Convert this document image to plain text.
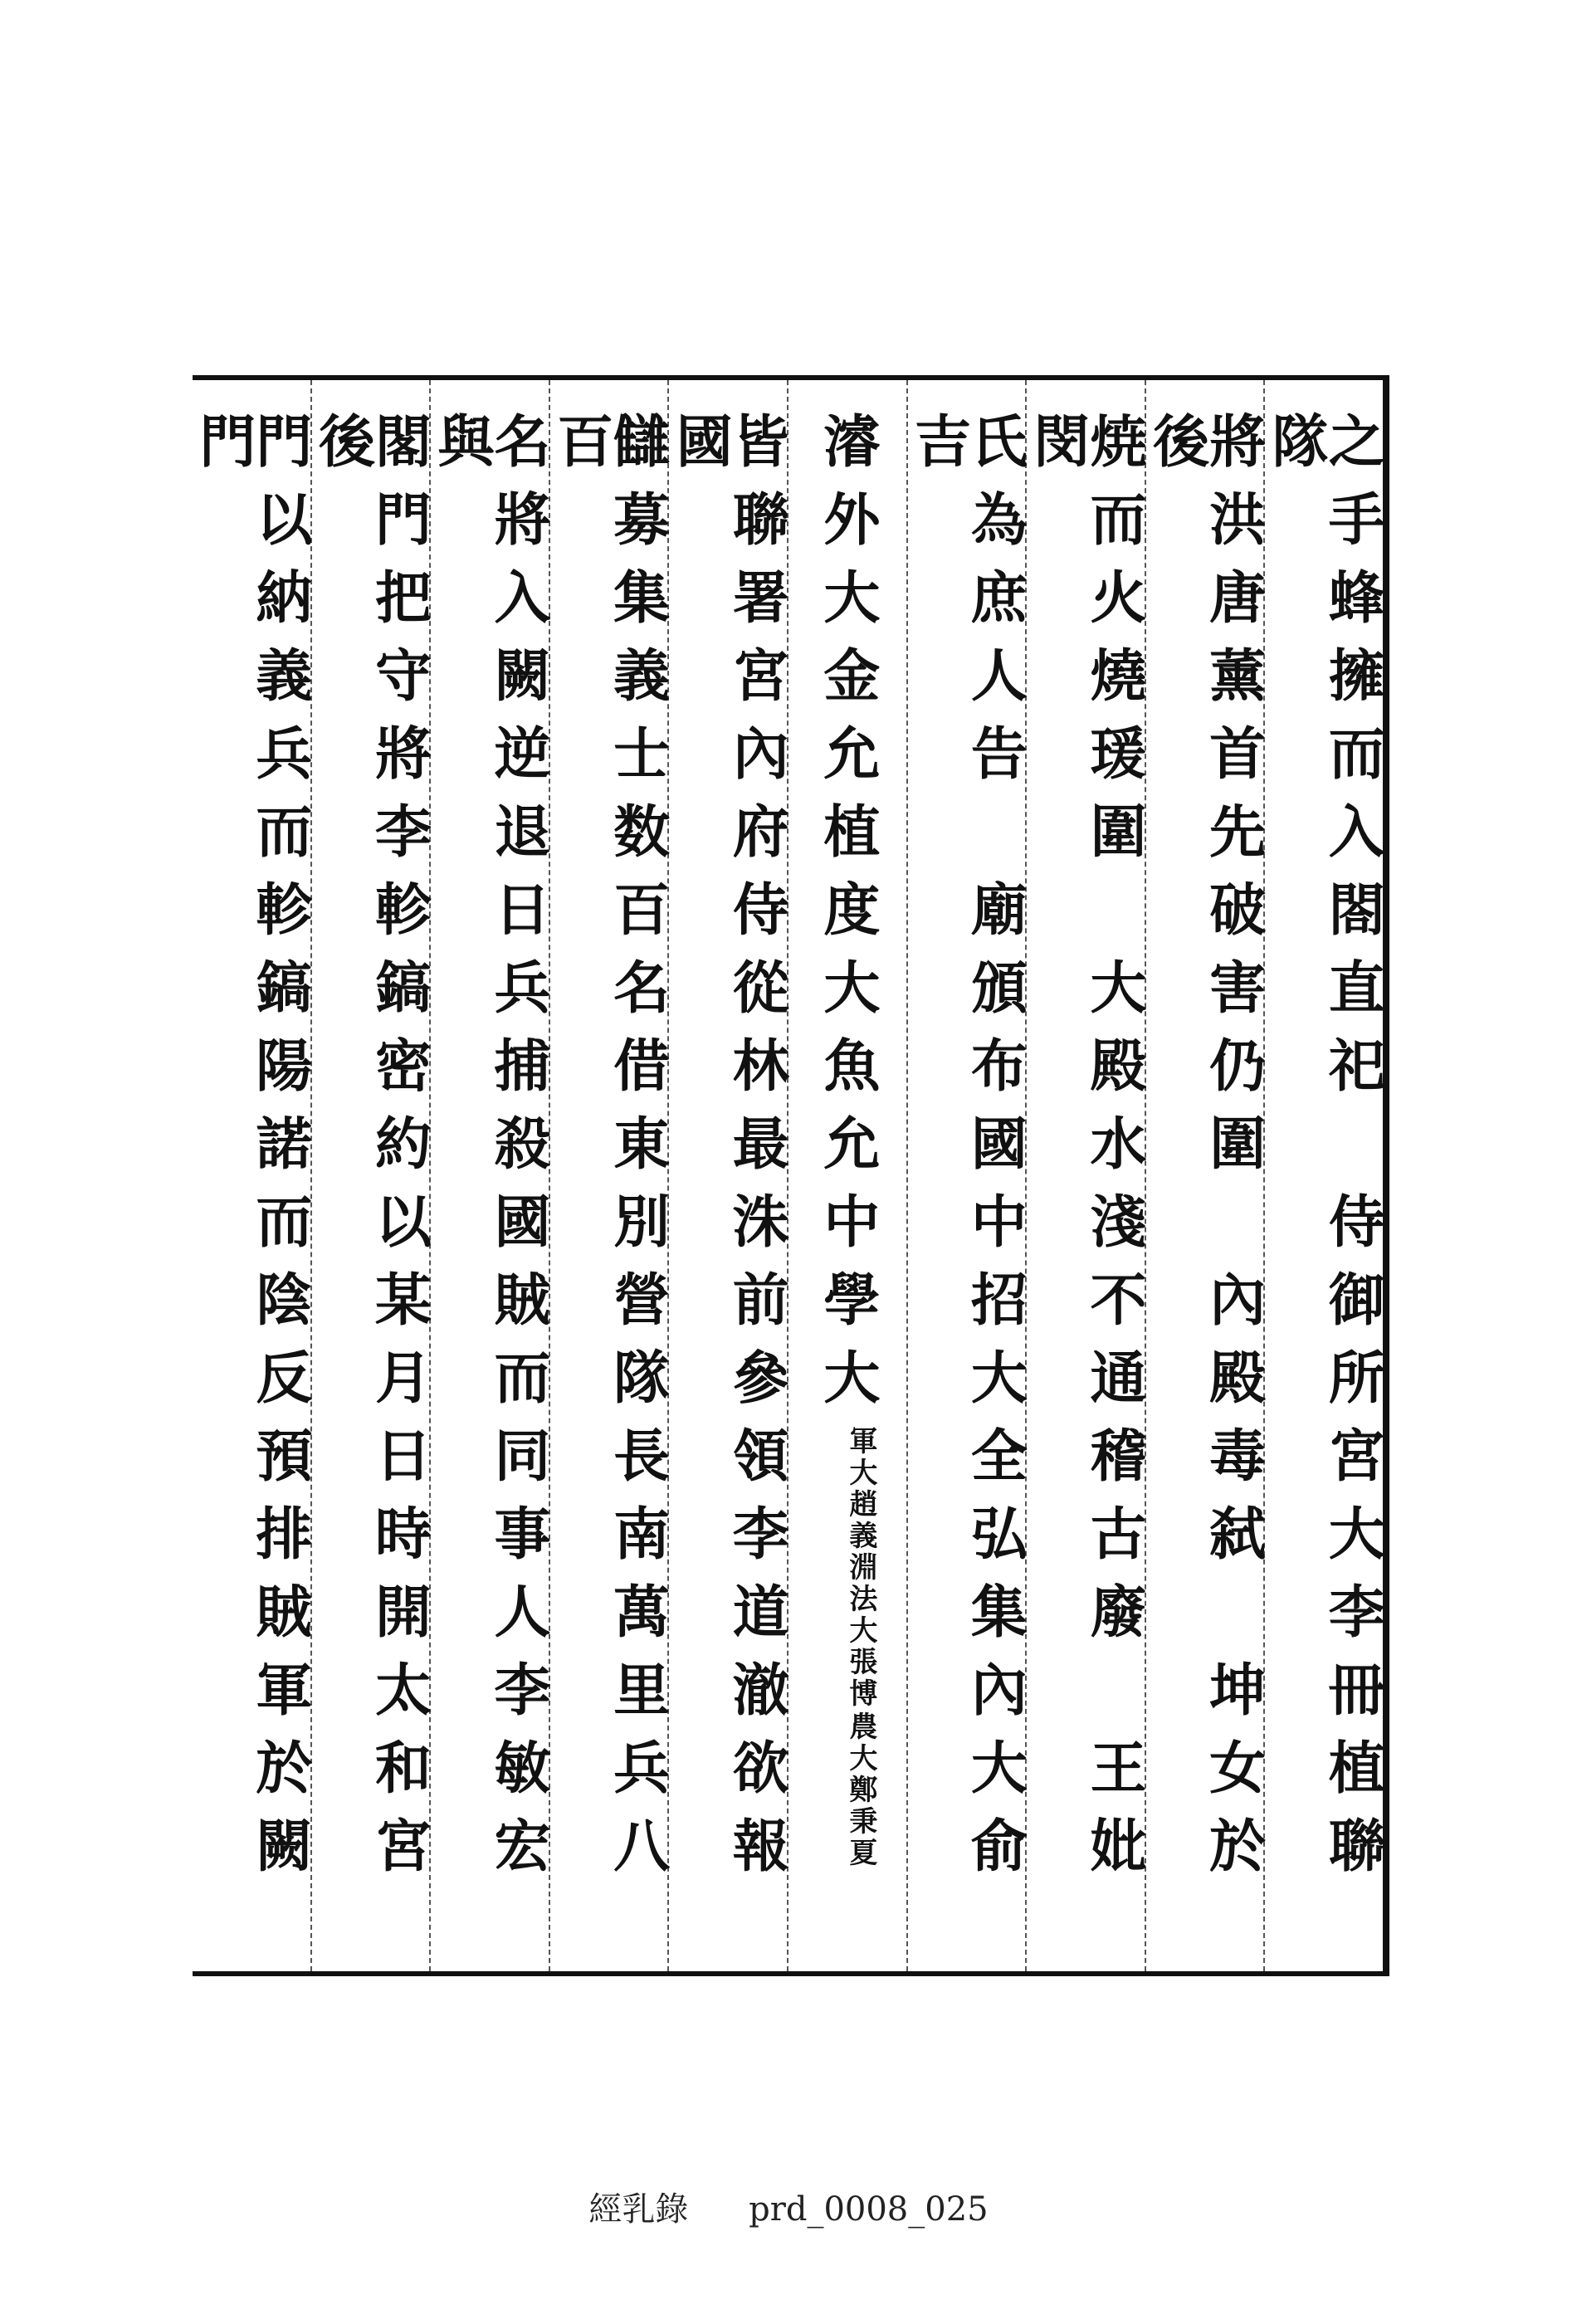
之手蜂擁而入閤直祀　侍御所宮大李冊植聯隊
將洪唐薰首先破害仍圍　內殿毒弑　坤女於後
焼而火燒瑗圍　大殿水淺不通稽古廢　王妣閔
氏為庶人告　廟頒布國中招大全弘集內大俞吉
濬外大金允植度大魚允中學大
農大鄭秉夏
軍大趙義淵法大張博
皆聯署宮內府侍從林最洙前參領李道澈欲報國
讎募集義士数百名借東別營隊長南萬里兵八百
名將入闕逆退日兵捕殺國賊而同事人李敏宏與
閣門把守將李軫鎬密約以某月日時開太和宮後
門以納義兵而軫鎬陽諾而陰反預排賊軍於闕門
經乳錄 prd_0008_025
